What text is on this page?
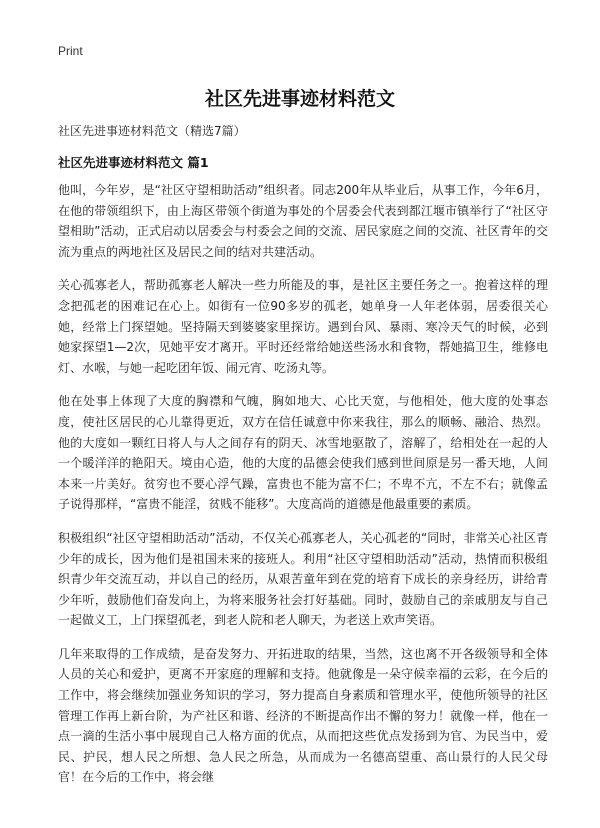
Print
社区先进事迹材料范文

社区先进事迹材料范文（精选7篇）

社区先进事迹材料范文 篇1

他叫，今年岁，是“社区守望相助活动”组织者。同志200年从毕业后，从事工作，今年6月，在他的带领组织下，由上海区带领个街道为事处的个居委会代表到都江堰市镇举行了“社区守望相助”活动，正式启动以居委会与村委会之间的交流、居民家庭之间的交流、社区青年的交流为重点的两地社区及居民之间的结对共建活动。

关心孤寡老人，帮助孤寡老人解决一些力所能及的事，是社区主要任务之一。抱着这样的理念把孤老的困难记在心上。如街有一位90多岁的孤老，她单身一人年老体弱，居委很关心她，经常上门探望她。坚持隔天到婆婆家里探访。遇到台风、暴雨、寒冷天气的时候，必到她家探望1—2次，见她平安才离开。平时还经常给她送些汤水和食物，帮她搞卫生，维修电灯、水喉，与她一起吃团年饭、闹元宵、吃汤丸等。

他在处事上体现了大度的胸襟和气魄，胸如地大、心比天宽，与他相处，他大度的处事态度，使社区居民的心儿靠得更近，双方在信任诚意中你来我往，那么的顺畅、融洽、热烈。他的大度如一颗红日将人与人之间存有的阴天、冰雪地驱散了，溶解了，给相处在一起的人一个暖洋洋的艳阳天。境由心造，他的大度的品德会使我们感到世间原是另一番天地，人间本来一片美好。贫穷也不要心浮气躁，富贵也不能为富不仁；不卑不亢，不左不右；就像孟子说得那样，“富贵不能淫，贫贱不能移”。大度高尚的道德是他最重要的素质。

积极组织“社区守望相助活动”活动，不仅关心孤寡老人，关心孤老的“同时，非常关心社区青少年的成长，因为他们是祖国未来的接班人。利用“社区守望相助活动”活动，热情而积极组织青少年交流互动，并以自己的经历，从艰苦童年到在党的培育下成长的亲身经历，讲给青少年听，鼓励他们奋发向上，为将来服务社会打好基础。同时，鼓励自己的亲戚朋友与自己一起做义工，上门探望孤老，到老人院和老人聊天，为老送上欢声笑语。

几年来取得的工作成绩，是奋发努力、开拓进取的结果，当然，这也离不开各级领导和全体人员的关心和爱护，更离不开家庭的理解和支持。他就像是一朵守候幸福的云彩，在今后的工作中，将会继续加强业务知识的学习，努力提高自身素质和管理水平，使他所领导的社区管理工作再上新台阶，为产社区和谐、经济的不断提高作出不懈的努力！就像一样，他在一点一滴的生活小事中展现自己人格方面的优点，从而把这些优点发扬到为官、为民当中，爱民、护民，想人民之所想、急人民之所急，从而成为一名德高望重、高山景行的人民父母官！在今后的工作中，将会继
